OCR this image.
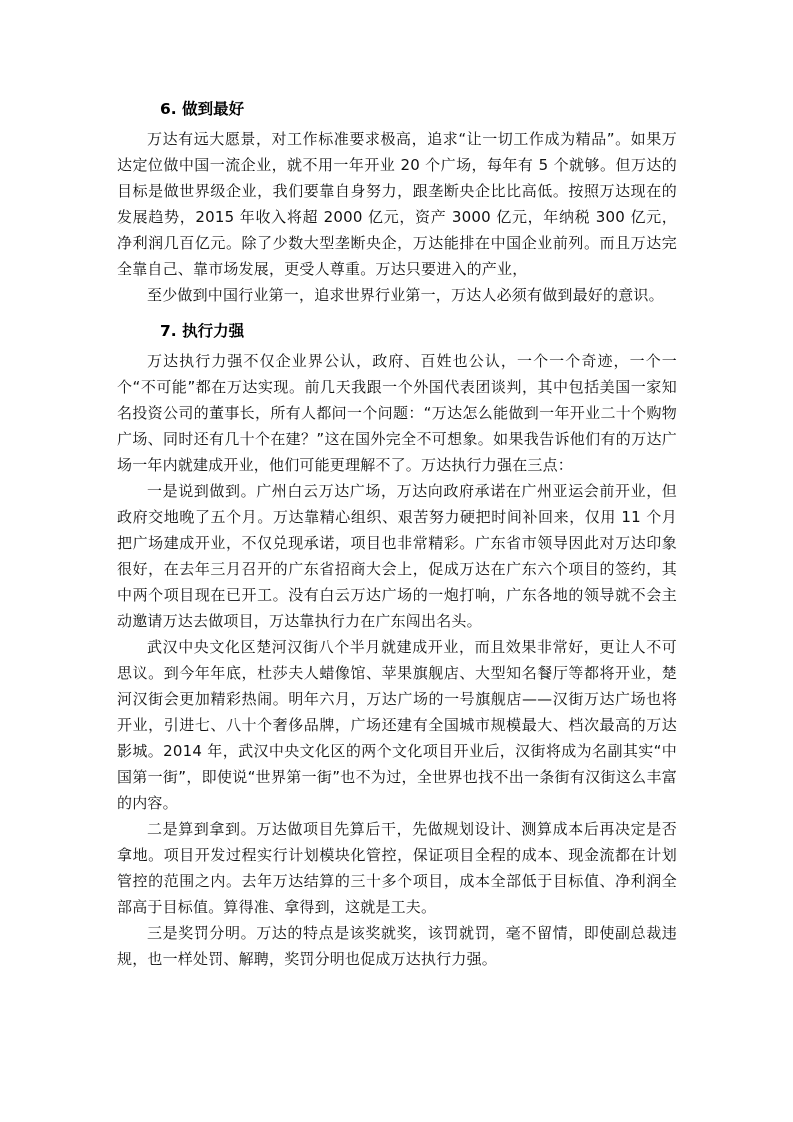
6. 做到最好

万达有远大愿景，对工作标准要求极高，追求“让一切工作成为精品”。如果万达定位做中国一流企业，就不用一年开业 20 个广场，每年有 5 个就够。但万达的目标是做世界级企业，我们要靠自身努力，跟垄断央企比比高低。按照万达现在的发展趋势，2015 年收入将超 2000 亿元，资产 3000 亿元，年纳税 300 亿元，净利润几百亿元。除了少数大型垄断央企，万达能排在中国企业前列。而且万达完全靠自己、靠市场发展，更受人尊重。万达只要进入的产业，

至少做到中国行业第一，追求世界行业第一，万达人必须有做到最好的意识。

7. 执行力强

万达执行力强不仅企业界公认，政府、百姓也公认，一个一个奇迹，一个一个“不可能”都在万达实现。前几天我跟一个外国代表团谈判，其中包括美国一家知名投资公司的董事长，所有人都问一个问题：“万达怎么能做到一年开业二十个购物广场、同时还有几十个在建？”这在国外完全不可想象。如果我告诉他们有的万达广场一年内就建成开业，他们可能更理解不了。万达执行力强在三点：

一是说到做到。广州白云万达广场，万达向政府承诺在广州亚运会前开业，但政府交地晚了五个月。万达靠精心组织、艰苦努力硬把时间补回来，仅用 11 个月把广场建成开业，不仅兑现承诺，项目也非常精彩。广东省市领导因此对万达印象很好，在去年三月召开的广东省招商大会上，促成万达在广东六个项目的签约，其中两个项目现在已开工。没有白云万达广场的一炮打响，广东各地的领导就不会主动邀请万达去做项目，万达靠执行力在广东闯出名头。

武汉中央文化区楚河汉街八个半月就建成开业，而且效果非常好，更让人不可思议。到今年年底，杜莎夫人蜡像馆、苹果旗舰店、大型知名餐厅等都将开业，楚河汉街会更加精彩热闹。明年六月，万达广场的一号旗舰店——汉街万达广场也将开业，引进七、八十个奢侈品牌，广场还建有全国城市规模最大、档次最高的万达影城。2014 年，武汉中央文化区的两个文化项目开业后，汉街将成为名副其实“中国第一街”，即使说“世界第一街”也不为过，全世界也找不出一条街有汉街这么丰富的内容。

二是算到拿到。万达做项目先算后干，先做规划设计、测算成本后再决定是否拿地。项目开发过程实行计划模块化管控，保证项目全程的成本、现金流都在计划管控的范围之内。去年万达结算的三十多个项目，成本全部低于目标值、净利润全部高于目标值。算得准、拿得到，这就是工夫。

三是奖罚分明。万达的特点是该奖就奖，该罚就罚，毫不留情，即使副总裁违规，也一样处罚、解聘，奖罚分明也促成万达执行力强。
